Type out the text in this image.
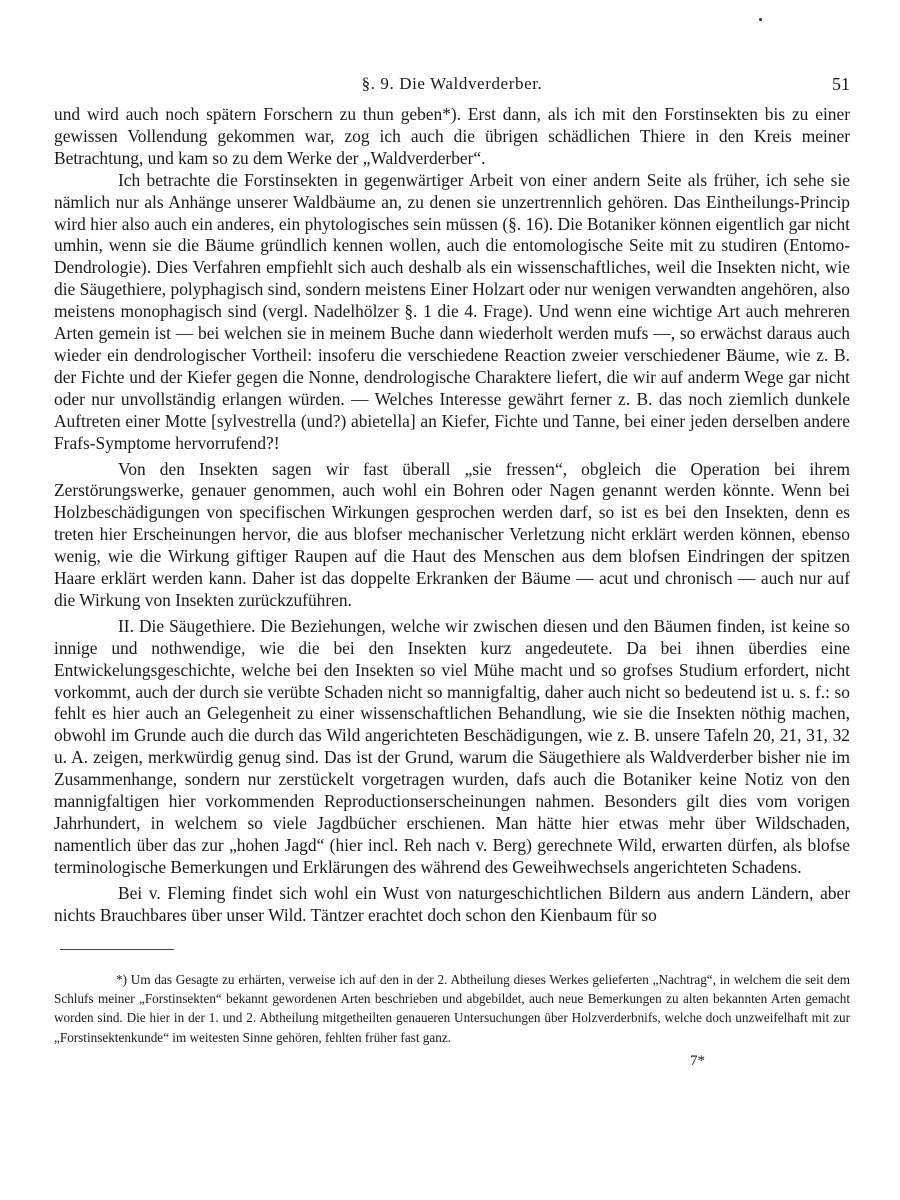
§. 9. Die Waldverderber.	51

und wird auch noch spätern Forschern zu thun geben*). Erst dann, als ich mit den Forstinsekten bis zu einer gewissen Vollendung gekommen war, zog ich auch die übrigen schädlichen Thiere in den Kreis meiner Betrachtung, und kam so zu dem Werke der „Waldverderber“.

Ich betrachte die Forstinsekten in gegenwärtiger Arbeit von einer andern Seite als früher, ich sehe sie nämlich nur als Anhänge unserer Waldbäume an, zu denen sie unzertrennlich gehören. Das Eintheilungs-Princip wird hier also auch ein anderes, ein phytologisches sein müssen (§. 16). Die Botaniker können eigentlich gar nicht umhin, wenn sie die Bäume gründlich kennen wollen, auch die entomologische Seite mit zu studiren (Entomo-Dendrologie). Dies Verfahren empfiehlt sich auch deshalb als ein wissenschaftliches, weil die Insekten nicht, wie die Säugethiere, polyphagisch sind, sondern meistens Einer Holzart oder nur wenigen verwandten angehören, also meistens monophagisch sind (vergl. Nadelhölzer §. 1 die 4. Frage). Und wenn eine wichtige Art auch mehreren Arten gemein ist — bei welchen sie in meinem Buche dann wiederholt werden mufs —, so erwächst daraus auch wieder ein dendrologischer Vortheil: insoferu die verschiedene Reaction zweier verschiedener Bäume, wie z. B. der Fichte und der Kiefer gegen die Nonne, dendrologische Charaktere liefert, die wir auf anderm Wege gar nicht oder nur unvollständig erlangen würden. — Welches Interesse gewährt ferner z. B. das noch ziemlich dunkele Auftreten einer Motte [sylvestrella (und?) abietella] an Kiefer, Fichte und Tanne, bei einer jeden derselben andere Frafs-Symptome hervorrufend?!

Von den Insekten sagen wir fast überall „sie fressen“, obgleich die Operation bei ihrem Zerstörungswerke, genauer genommen, auch wohl ein Bohren oder Nagen genannt werden könnte. Wenn bei Holzbeschädigungen von specifischen Wirkungen gesprochen werden darf, so ist es bei den Insekten, denn es treten hier Erscheinungen hervor, die aus blofser mechanischer Verletzung nicht erklärt werden können, ebenso wenig, wie die Wirkung giftiger Raupen auf die Haut des Menschen aus dem blofsen Eindringen der spitzen Haare erklärt werden kann. Daher ist das doppelte Erkranken der Bäume — acut und chronisch — auch nur auf die Wirkung von Insekten zurückzuführen.

II. Die Säugethiere. Die Beziehungen, welche wir zwischen diesen und den Bäumen finden, ist keine so innige und nothwendige, wie die bei den Insekten kurz angedeutete. Da bei ihnen überdies eine Entwickelungsgeschichte, welche bei den Insekten so viel Mühe macht und so grofses Studium erfordert, nicht vorkommt, auch der durch sie verübte Schaden nicht so mannigfaltig, daher auch nicht so bedeutend ist u. s. f.: so fehlt es hier auch an Gelegenheit zu einer wissenschaftlichen Behandlung, wie sie die Insekten nöthig machen, obwohl im Grunde auch die durch das Wild angerichteten Beschädigungen, wie z. B. unsere Tafeln 20, 21, 31, 32 u. A. zeigen, merkwürdig genug sind. Das ist der Grund, warum die Säugethiere als Waldverderber bisher nie im Zusammenhange, sondern nur zerstückelt vorgetragen wurden, dafs auch die Botaniker keine Notiz von den mannigfaltigen hier vorkommenden Reproductionserscheinungen nahmen. Besonders gilt dies vom vorigen Jahrhundert, in welchem so viele Jagdbücher erschienen. Man hätte hier etwas mehr über Wildschaden, namentlich über das zur „hohen Jagd“ (hier incl. Reh nach v. Berg) gerechnete Wild, erwarten dürfen, als blofse terminologische Bemerkungen und Erklärungen des während des Geweihwechsels angerichteten Schadens.

Bei v. Fleming findet sich wohl ein Wust von naturgeschichtlichen Bildern aus andern Ländern, aber nichts Brauchbares über unser Wild. Täntzer erachtet doch schon den Kienbaum für so

*) Um das Gesagte zu erhärten, verweise ich auf den in der 2. Abtheilung dieses Werkes gelieferten „Nachtrag“, in welchem die seit dem Schlufs meiner „Forstinsekten“ bekannt gewordenen Arten beschrieben und abgebildet, auch neue Bemerkungen zu alten bekannten Arten gemacht worden sind. Die hier in der 1. und 2. Abtheilung mitgetheilten genaueren Untersuchungen über Holzverderbnifs, welche doch unzweifelhaft mit zur „Forstinsektenkunde“ im weitesten Sinne gehören, fehlten früher fast ganz.

7*
